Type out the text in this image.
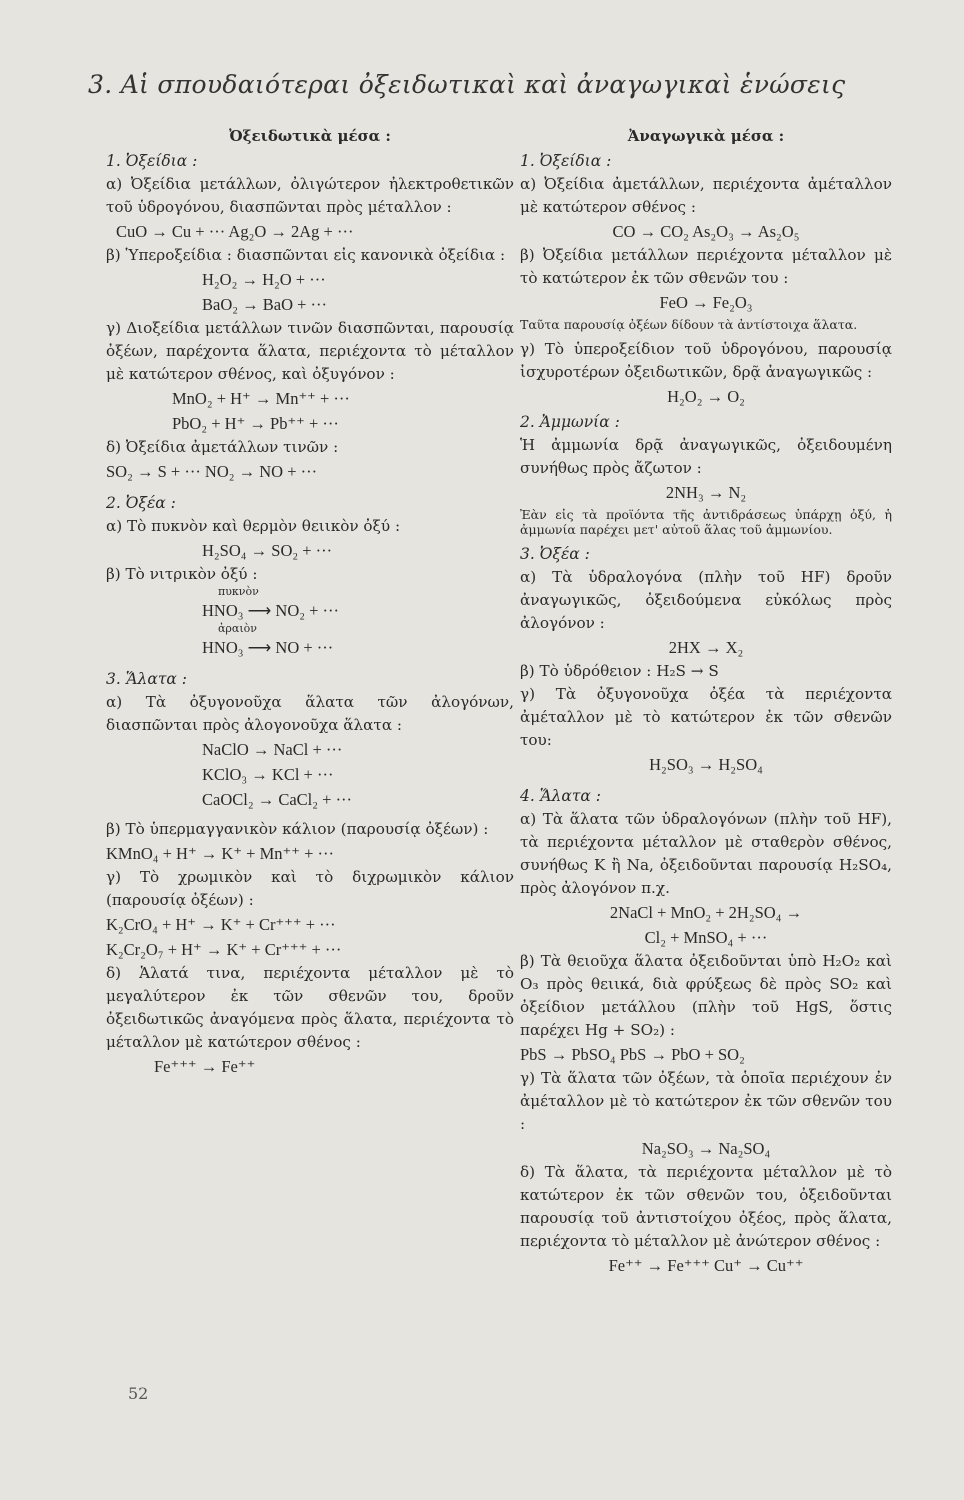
3. Αἱ σπουδαιότεραι ὀξειδωτικαὶ καὶ ἀναγωγικαὶ ἑνώσεις
Ὀξειδωτικὰ μέσα :
1. Ὀξείδια :
α) Ὀξείδια μετάλλων, ὀλιγώτερον ἠλεκτροθετικῶν τοῦ ὑδρογόνου, διασπῶνται πρὸς μέταλλον :
CuO → Cu + ··· Ag₂O → 2Ag + ···
β) Ὑπεροξείδια : διασπῶνται εἰς κανονικὰ ὀξείδια :
H₂O₂ → H₂O + ···
BaO₂ → BaO + ···
γ) Διοξείδια μετάλλων τινῶν διασπῶνται, παρουσίᾳ ὀξέων, παρέχοντα ἅλατα, περιέχοντα τὸ μέταλλον μὲ κατώτερον σθένος, καὶ ὀξυγόνον :
MnO₂ + H⁺ → Mn⁺⁺ + ···
PbO₂ + H⁺ → Pb⁺⁺ + ···
δ) Ὀξείδια ἀμετάλλων τινῶν :
SO₂ → S + ··· NO₂ → NO + ···
2. Ὀξέα :
α) Τὸ πυκνὸν καὶ θερμὸν θειικὸν ὀξύ :
H₂SO₄ → SO₂ + ···
β) Τὸ νιτρικὸν ὀξύ :
πυκνὸν
HNO₃ ⟶ NO₂ + ···
ἀραιὸν
HNO₃ ⟶ NO + ···
3. Ἅλατα :
α) Τὰ ὀξυγονοῦχα ἅλατα τῶν ἀλογόνων, διασπῶνται πρὸς ἀλογονοῦχα ἅλατα :
NaClO → NaCl + ···
KClO₃ → KCl + ···
CaOCl₂ → CaCl₂ + ···
β) Τὸ ὑπερμαγγανικὸν κάλιον (παρουσίᾳ ὀξέων) :
KMnO₄ + H⁺ → K⁺ + Mn⁺⁺ + ···
γ) Τὸ χρωμικὸν καὶ τὸ διχρωμικὸν κάλιον (παρουσίᾳ ὀξέων) :
K₂CrO₄ + H⁺ → K⁺ + Cr⁺⁺⁺ + ···
K₂Cr₂O₇ + H⁺ → K⁺ + Cr⁺⁺⁺ + ···
δ) Ἁλατά τινα, περιέχοντα μέταλλον μὲ τὸ μεγαλύτερον ἐκ τῶν σθενῶν του, δροῦν ὀξειδωτικῶς ἀναγόμενα πρὸς ἅλατα, περιέχοντα τὸ μέταλλον μὲ κατώτερον σθένος :
Fe⁺⁺⁺ → Fe⁺⁺
Ἀναγωγικὰ μέσα :
1. Ὀξείδια :
α) Ὀξείδια ἀμετάλλων, περιέχοντα ἀμέταλλον μὲ κατώτερον σθένος :
CO → CO₂ As₂O₃ → As₂O₅
β) Ὀξείδια μετάλλων περιέχοντα μέταλλον μὲ τὸ κατώτερον ἐκ τῶν σθενῶν του :
FeO → Fe₂O₃
Ταῦτα παρουσίᾳ ὀξέων δίδουν τὰ ἀντίστοιχα ἅλατα.
γ) Τὸ ὑπεροξείδιον τοῦ ὑδρογόνου, παρουσίᾳ ἰσχυροτέρων ὀξειδωτικῶν, δρᾷ ἀναγωγικῶς :
H₂O₂ → O₂
2. Ἀμμωνία :
Ἡ ἀμμωνία δρᾷ ἀναγωγικῶς, ὀξειδουμένη συνήθως πρὸς ἄζωτον :
2NH₃ → N₂
Ἐὰν εἰς τὰ προϊόντα τῆς ἀντιδράσεως ὑπάρχῃ ὀξύ, ἡ ἀμμωνία παρέχει μετ' αὐτοῦ ἅλας τοῦ ἀμμωνίου.
3. Ὀξέα :
α) Τὰ ὑδραλογόνα (πλὴν τοῦ HF) δροῦν ἀναγωγικῶς, ὀξειδούμενα εὐκόλως πρὸς ἀλογόνον :
2HX → X₂
β) Τὸ ὑδρόθειον : H₂S → S
γ) Τὰ ὀξυγονοῦχα ὀξέα τὰ περιέχοντα ἀμέταλλον μὲ τὸ κατώτερον ἐκ τῶν σθενῶν του:
H₂SO₃ → H₂SO₄
4. Ἅλατα :
α) Τὰ ἅλατα τῶν ὑδραλογόνων (πλὴν τοῦ HF), τὰ περιέχοντα μέταλλον μὲ σταθερὸν σθένος, συνήθως K ἢ Na, ὀξειδοῦνται παρουσίᾳ H₂SO₄, πρὸς ἀλογόνον π.χ.
2NaCl + MnO₂ + 2H₂SO₄ →
Cl₂ + MnSO₄ + ···
β) Τὰ θειοῦχα ἅλατα ὀξειδοῦνται ὑπὸ H₂O₂ καὶ O₃ πρὸς θειικά, διὰ φρύξεως δὲ πρὸς SO₂ καὶ ὀξείδιον μετάλλου (πλὴν τοῦ HgS, ὅστις παρέχει Hg + SO₂) :
PbS → PbSO₄ PbS → PbO + SO₂
γ) Τὰ ἅλατα τῶν ὀξέων, τὰ ὁποῖα περιέχουν ἐν ἀμέταλλον μὲ τὸ κατώτερον ἐκ τῶν σθενῶν του :
Na₂SO₃ → Na₂SO₄
δ) Τὰ ἅλατα, τὰ περιέχοντα μέταλλον μὲ τὸ κατώτερον ἐκ τῶν σθενῶν του, ὀξειδοῦνται παρουσίᾳ τοῦ ἀντιστοίχου ὀξέος, πρὸς ἅλατα, περιέχοντα τὸ μέταλλον μὲ ἀνώτερον σθένος :
Fe⁺⁺ → Fe⁺⁺⁺ Cu⁺ → Cu⁺⁺
52
